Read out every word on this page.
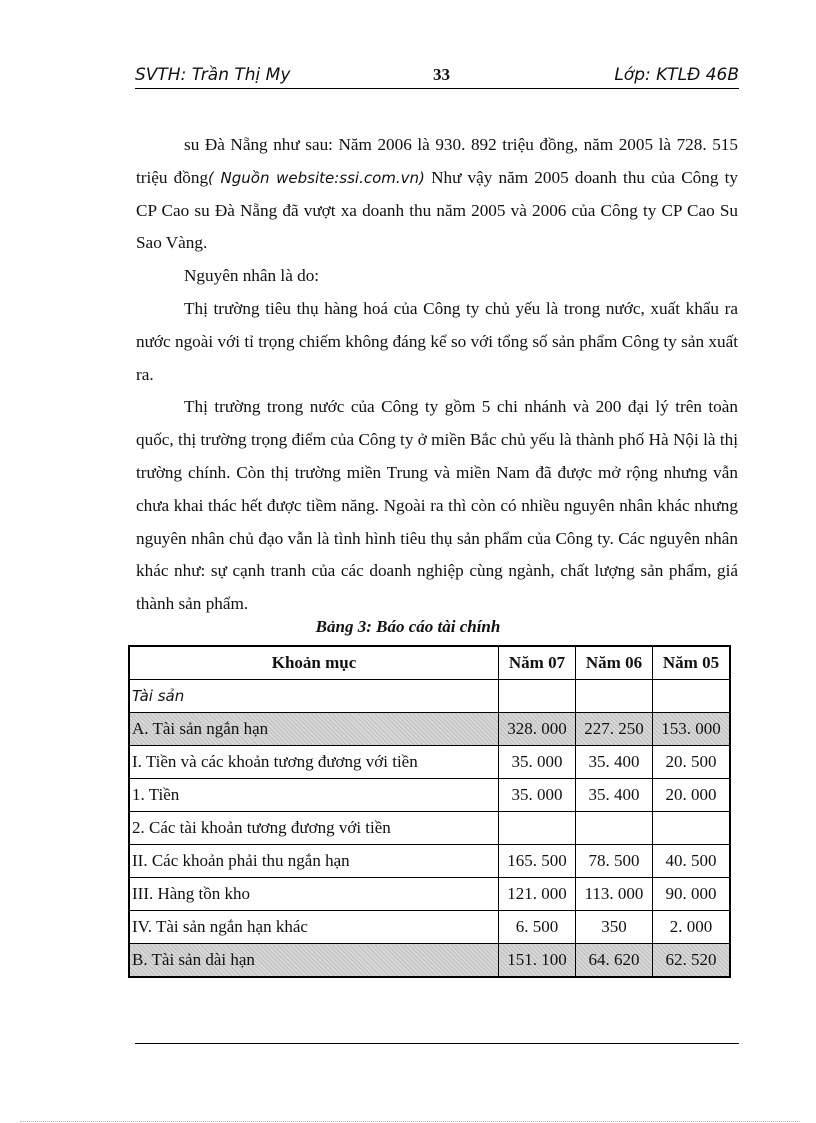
SVTH: Trần Thị My	33	Lớp: KTLĐ 46B

su Đà Nẵng như sau: Năm 2006 là 930. 892 triệu đồng, năm 2005 là 728. 515 triệu đồng( Nguồn website:ssi.com.vn) Như vậy năm 2005 doanh thu của Công ty CP Cao su Đà Nẵng đã vượt xa doanh thu năm 2005 và 2006 của Công ty CP Cao Su Sao Vàng.

Nguyên nhân là do:

Thị trường tiêu thụ hàng hoá của Công ty chủ yếu là trong nước, xuất khẩu ra nước ngoài với tỉ trọng chiếm không đáng kể so với tổng số sản phẩm Công ty sản xuất ra.

Thị trường trong nước của Công ty gồm 5 chi nhánh và 200 đại lý trên toàn quốc, thị trường trọng điểm của Công ty ở miền Bắc chủ yếu là thành phố Hà Nội là thị trường chính. Còn thị trường miền Trung và miền Nam đã được mở rộng nhưng vẫn chưa khai thác hết được tiềm năng. Ngoài ra thì còn có nhiều nguyên nhân khác nhưng nguyên nhân chủ đạo vẫn là tình hình tiêu thụ sản phẩm của Công ty. Các nguyên nhân khác như: sự cạnh tranh của các doanh nghiệp cùng ngành, chất lượng sản phẩm, giá thành sản phẩm.

Bảng 3: Báo cáo tài chính
Khoản mục	Năm 07	Năm 06	Năm 05
Tài sản			
A. Tài sản ngắn hạn	328. 000	227. 250	153. 000
I. Tiền và các khoản tương đương với tiền	35. 000	35. 400	20. 500
1. Tiền	35. 000	35. 400	20. 000
2. Các tài khoản tương đương với tiền			
II. Các khoản phải thu ngắn hạn	165. 500	78. 500	40. 500
III. Hàng tồn kho	121. 000	113. 000	90. 000
IV. Tài sản ngắn hạn khác	6. 500	350	2. 000
B. Tài sản dài hạn	151. 100	64. 620	62. 520
